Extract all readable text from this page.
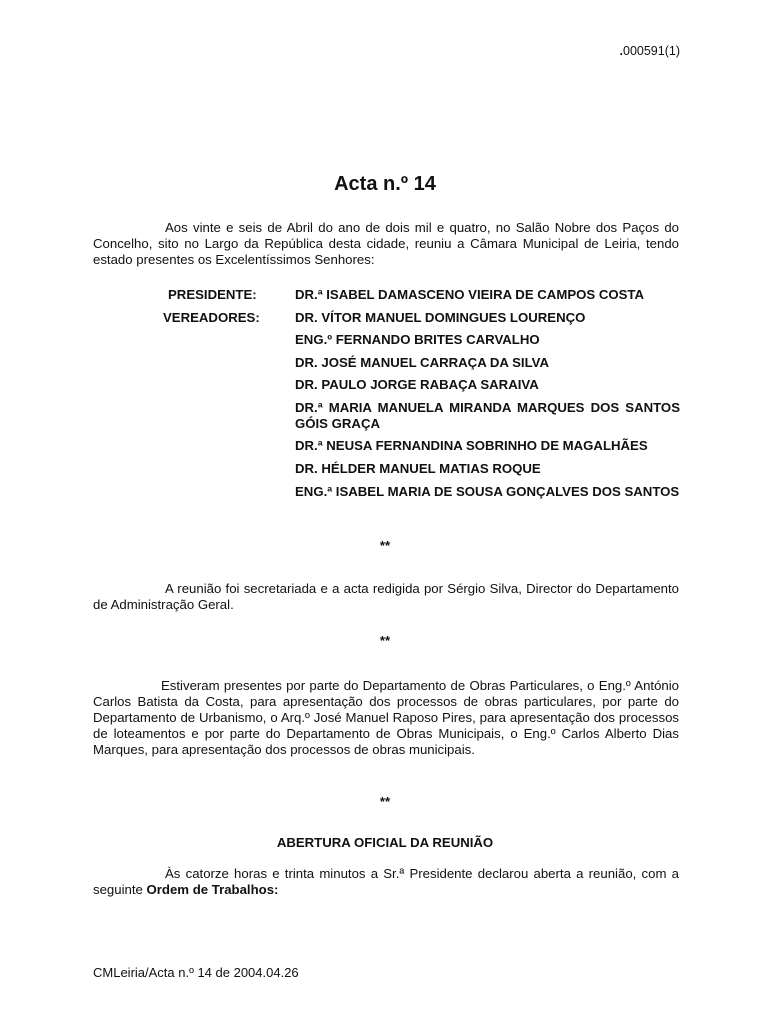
.000591(1)
Acta n.º 14
Aos vinte e seis de Abril do ano de dois mil e quatro, no Salão Nobre dos Paços do Concelho, sito no Largo da República desta cidade, reuniu a Câmara Municipal de Leiria, tendo estado presentes os Excelentíssimos Senhores:
PRESIDENTE:	DR.ª ISABEL DAMASCENO VIEIRA DE CAMPOS COSTA
VEREADORES:	DR. VÍTOR MANUEL DOMINGUES LOURENÇO
ENG.º FERNANDO BRITES CARVALHO
DR. JOSÉ MANUEL CARRAÇA DA SILVA
DR. PAULO JORGE RABAÇA SARAIVA
DR.ª MARIA MANUELA MIRANDA MARQUES DOS SANTOS GÓIS GRAÇA
DR.ª NEUSA FERNANDINA SOBRINHO DE MAGALHÃES
DR. HÉLDER MANUEL MATIAS ROQUE
ENG.ª ISABEL MARIA DE SOUSA GONÇALVES DOS SANTOS
**
A reunião foi secretariada e a acta redigida por Sérgio Silva, Director do Departamento de Administração Geral.
**
Estiveram presentes por parte do Departamento de Obras Particulares, o Eng.º António Carlos Batista da Costa, para apresentação dos processos de obras particulares, por parte do Departamento de Urbanismo, o Arq.º José Manuel Raposo Pires, para apresentação dos processos de loteamentos e por parte do Departamento de Obras Municipais, o Eng.º Carlos Alberto Dias Marques, para apresentação dos processos de obras municipais.
**
ABERTURA OFICIAL DA REUNIÃO
Às catorze horas e trinta minutos a Sr.ª Presidente declarou aberta a reunião, com a seguinte Ordem de Trabalhos:
CMLeiria/Acta n.º 14 de 2004.04.26
